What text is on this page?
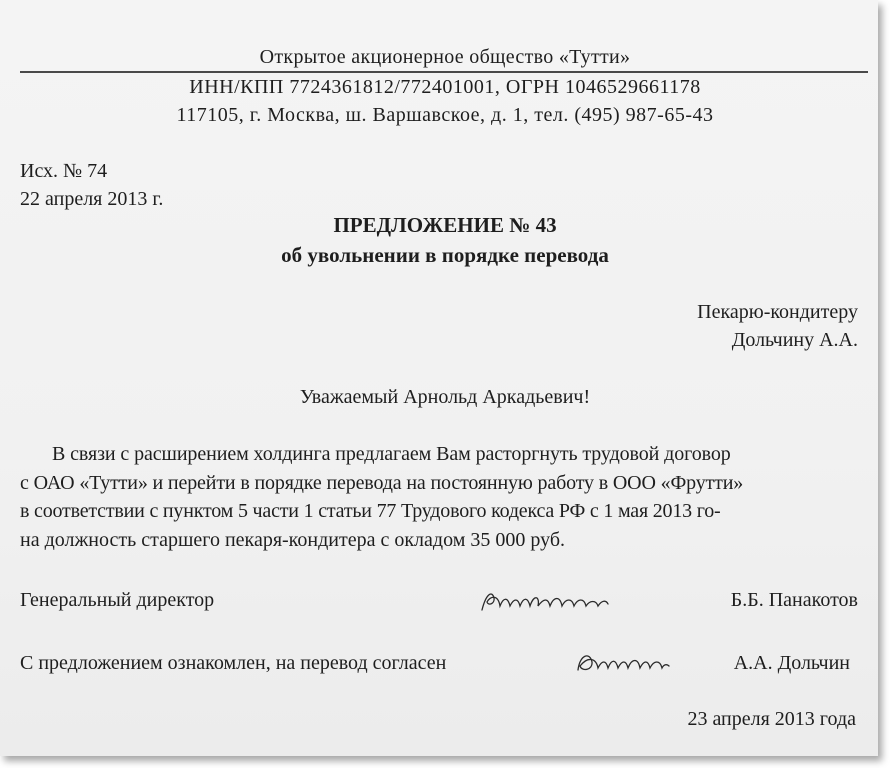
Открытое акционерное общество «Тутти»
ИНН/КПП 7724361812/772401001, ОГРН 1046529661178
117105, г. Москва, ш. Варшавское, д. 1, тел. (495) 987-65-43
Исх. № 74
22 апреля 2013 г.
ПРЕДЛОЖЕНИЕ № 43
об увольнении в порядке перевода
Пекарю-кондитеру
Дольчину А.А.
Уважаемый Арнольд Аркадьевич!
В связи с расширением холдинга предлагаем Вам расторгнуть трудовой договор
с ОАО «Тутти» и перейти в порядке перевода на постоянную работу в ООО «Фрутти»
в соответствии с пунктом 5 части 1 статьи 77 Трудового кодекса РФ с 1 мая 2013 го-
на должность старшего пекаря-кондитера с окладом 35 000 руб.
Генеральный директор	Б.Б. Панакотов
С предложением ознакомлен, на перевод согласен	А.А. Дольчин
23 апреля 2013 года
